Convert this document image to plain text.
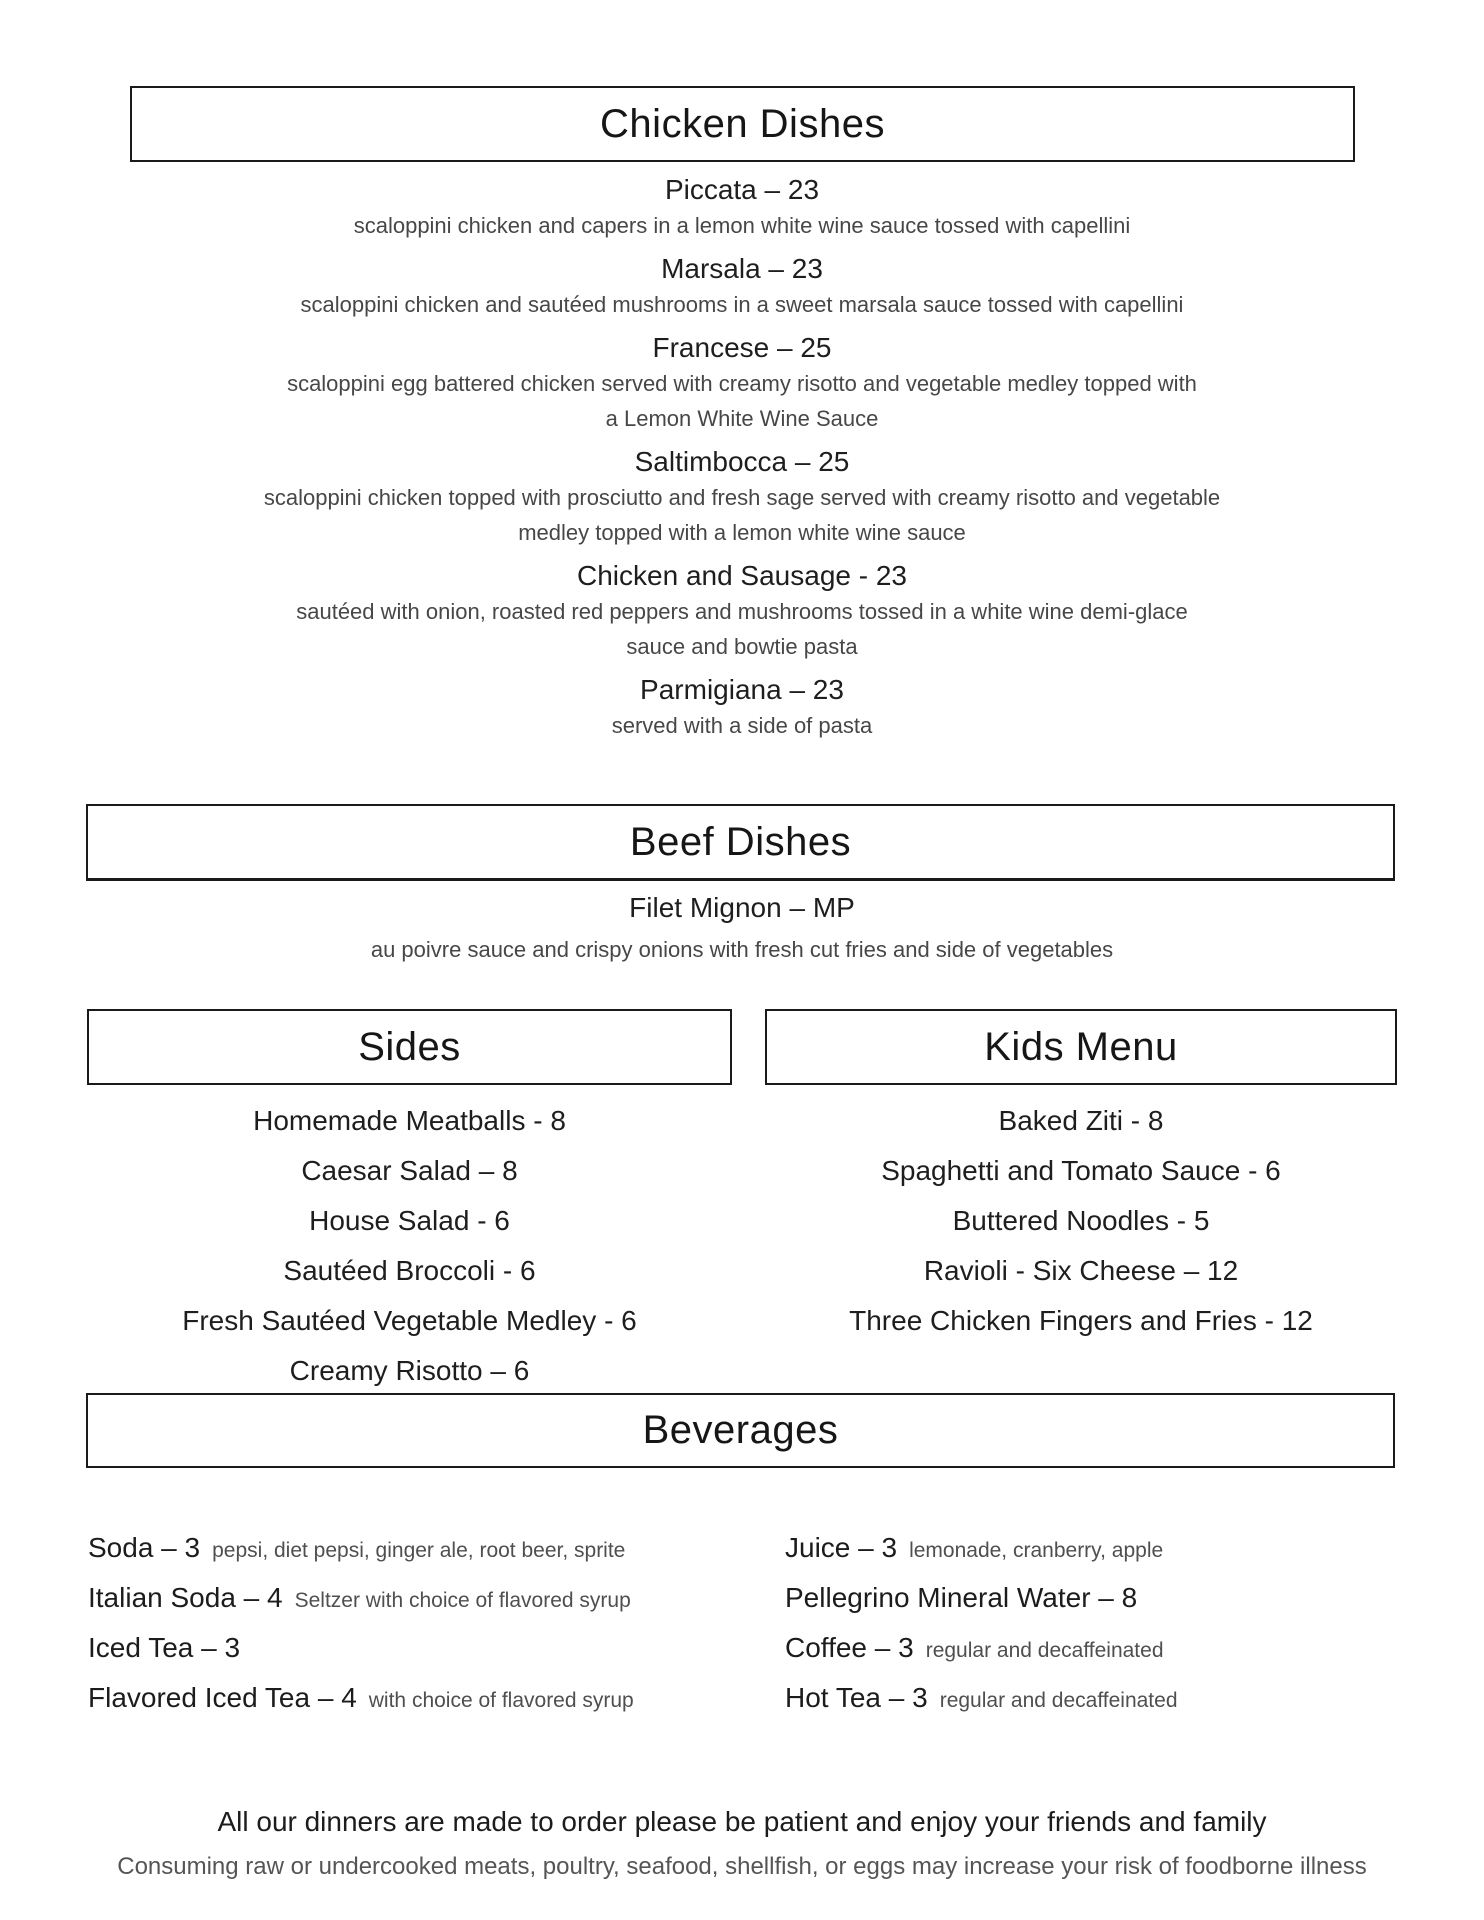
Chicken Dishes
Piccata – 23
scaloppini chicken and capers in a lemon white wine sauce tossed with capellini
Marsala – 23
scaloppini chicken and sautéed mushrooms in a sweet marsala sauce tossed with capellini
Francese – 25
scaloppini egg battered chicken served with creamy risotto and vegetable medley topped with a Lemon White Wine Sauce
Saltimbocca – 25
scaloppini chicken topped with prosciutto and fresh sage served with creamy risotto and vegetable medley topped with a lemon white wine sauce
Chicken and Sausage - 23
sautéed with onion, roasted red peppers and mushrooms tossed in a white wine demi-glace sauce and bowtie pasta
Parmigiana – 23
served with a side of pasta
Beef Dishes
Filet Mignon – MP
au poivre sauce and crispy onions with fresh cut fries and side of vegetables
Sides	Kids Menu
Homemade Meatballs - 8
Caesar Salad – 8
House Salad - 6
Sautéed Broccoli - 6
Fresh Sautéed Vegetable Medley - 6
Creamy Risotto – 6
Baked Ziti - 8
Spaghetti and Tomato Sauce - 6
Buttered Noodles - 5
Ravioli - Six Cheese – 12
Three Chicken Fingers and Fries - 12
Beverages
Soda – 3 pepsi, diet pepsi, ginger ale, root beer, sprite
Italian Soda – 4 Seltzer with choice of flavored syrup
Iced Tea – 3
Flavored Iced Tea – 4 with choice of flavored syrup
Juice – 3 lemonade, cranberry, apple
Pellegrino Mineral Water – 8
Coffee – 3 regular and decaffeinated
Hot Tea – 3 regular and decaffeinated
All our dinners are made to order please be patient and enjoy your friends and family
Consuming raw or undercooked meats, poultry, seafood, shellfish, or eggs may increase your risk of foodborne illness
